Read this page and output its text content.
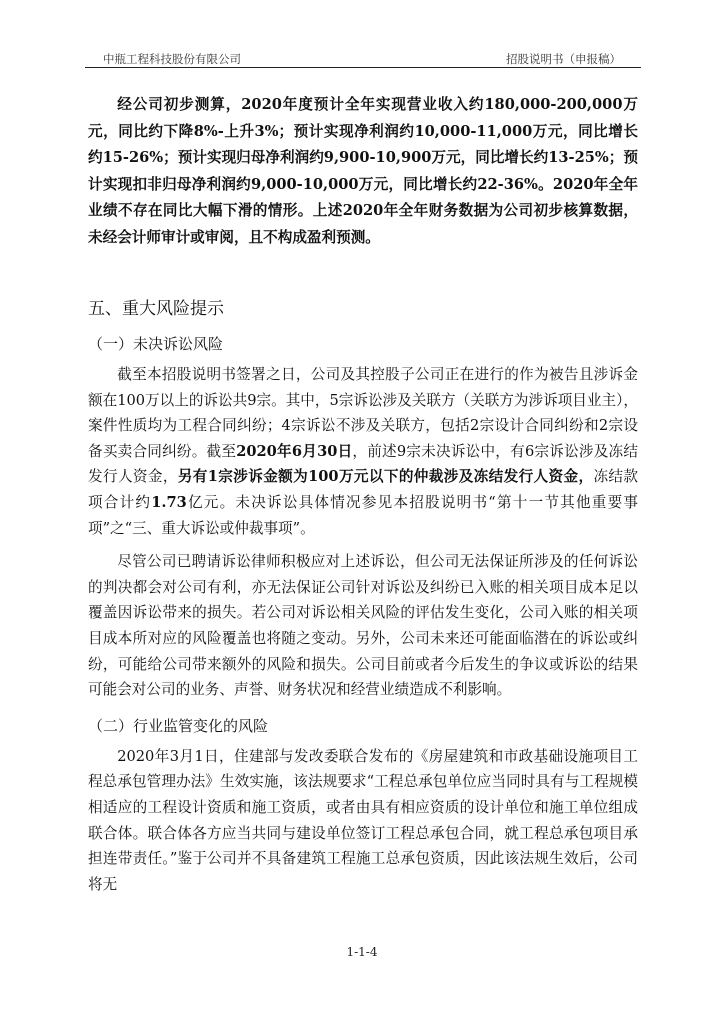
中瓶工程科技股份有限公司	招股说明书（申报稿）

经公司初步测算，2020年度预计全年实现营业收入约180,000-200,000万元，同比约下降8%-上升3%；预计实现净利润约10,000-11,000万元，同比增长约15-26%；预计实现归母净利润约9,900-10,900万元，同比增长约13-25%；预计实现扣非归母净利润约9,000-10,000万元，同比增长约22-36%。2020年全年业绩不存在同比大幅下滑的情形。上述2020年全年财务数据为公司初步核算数据，未经会计师审计或审阅，且不构成盈利预测。

五、重大风险提示
（一）未决诉讼风险

截至本招股说明书签署之日，公司及其控股子公司正在进行的作为被告且涉诉金额在100万以上的诉讼共9宗。其中，5宗诉讼涉及关联方（关联方为涉诉项目业主），案件性质均为工程合同纠纷；4宗诉讼不涉及关联方，包括2宗设计合同纠纷和2宗设备买卖合同纠纷。截至2020年6月30日，前述9宗未决诉讼中，有6宗诉讼涉及冻结发行人资金，另有1宗涉诉金额为100万元以下的仲裁涉及冻结发行人资金，冻结款项合计约1.73亿元。未决诉讼具体情况参见本招股说明书“第十一节其他重要事项”之“三、重大诉讼或仲裁事项”。

尽管公司已聘请诉讼律师积极应对上述诉讼，但公司无法保证所涉及的任何诉讼的判决都会对公司有利，亦无法保证公司针对诉讼及纠纷已入账的相关项目成本足以覆盖因诉讼带来的损失。若公司对诉讼相关风险的评估发生变化，公司入账的相关项目成本所对应的风险覆盖也将随之变动。另外，公司未来还可能面临潜在的诉讼或纠纷，可能给公司带来额外的风险和损失。公司目前或者今后发生的争议或诉讼的结果可能会对公司的业务、声誉、财务状况和经营业绩造成不利影响。

（二）行业监管变化的风险

2020年3月1日，住建部与发改委联合发布的《房屋建筑和市政基础设施项目工程总承包管理办法》生效实施，该法规要求“工程总承包单位应当同时具有与工程规模相适应的工程设计资质和施工资质，或者由具有相应资质的设计单位和施工单位组成联合体。联合体各方应当共同与建设单位签订工程总承包合同，就工程总承包项目承担连带责任。”鉴于公司并不具备建筑工程施工总承包资质，因此该法规生效后，公司将无

1-1-4
